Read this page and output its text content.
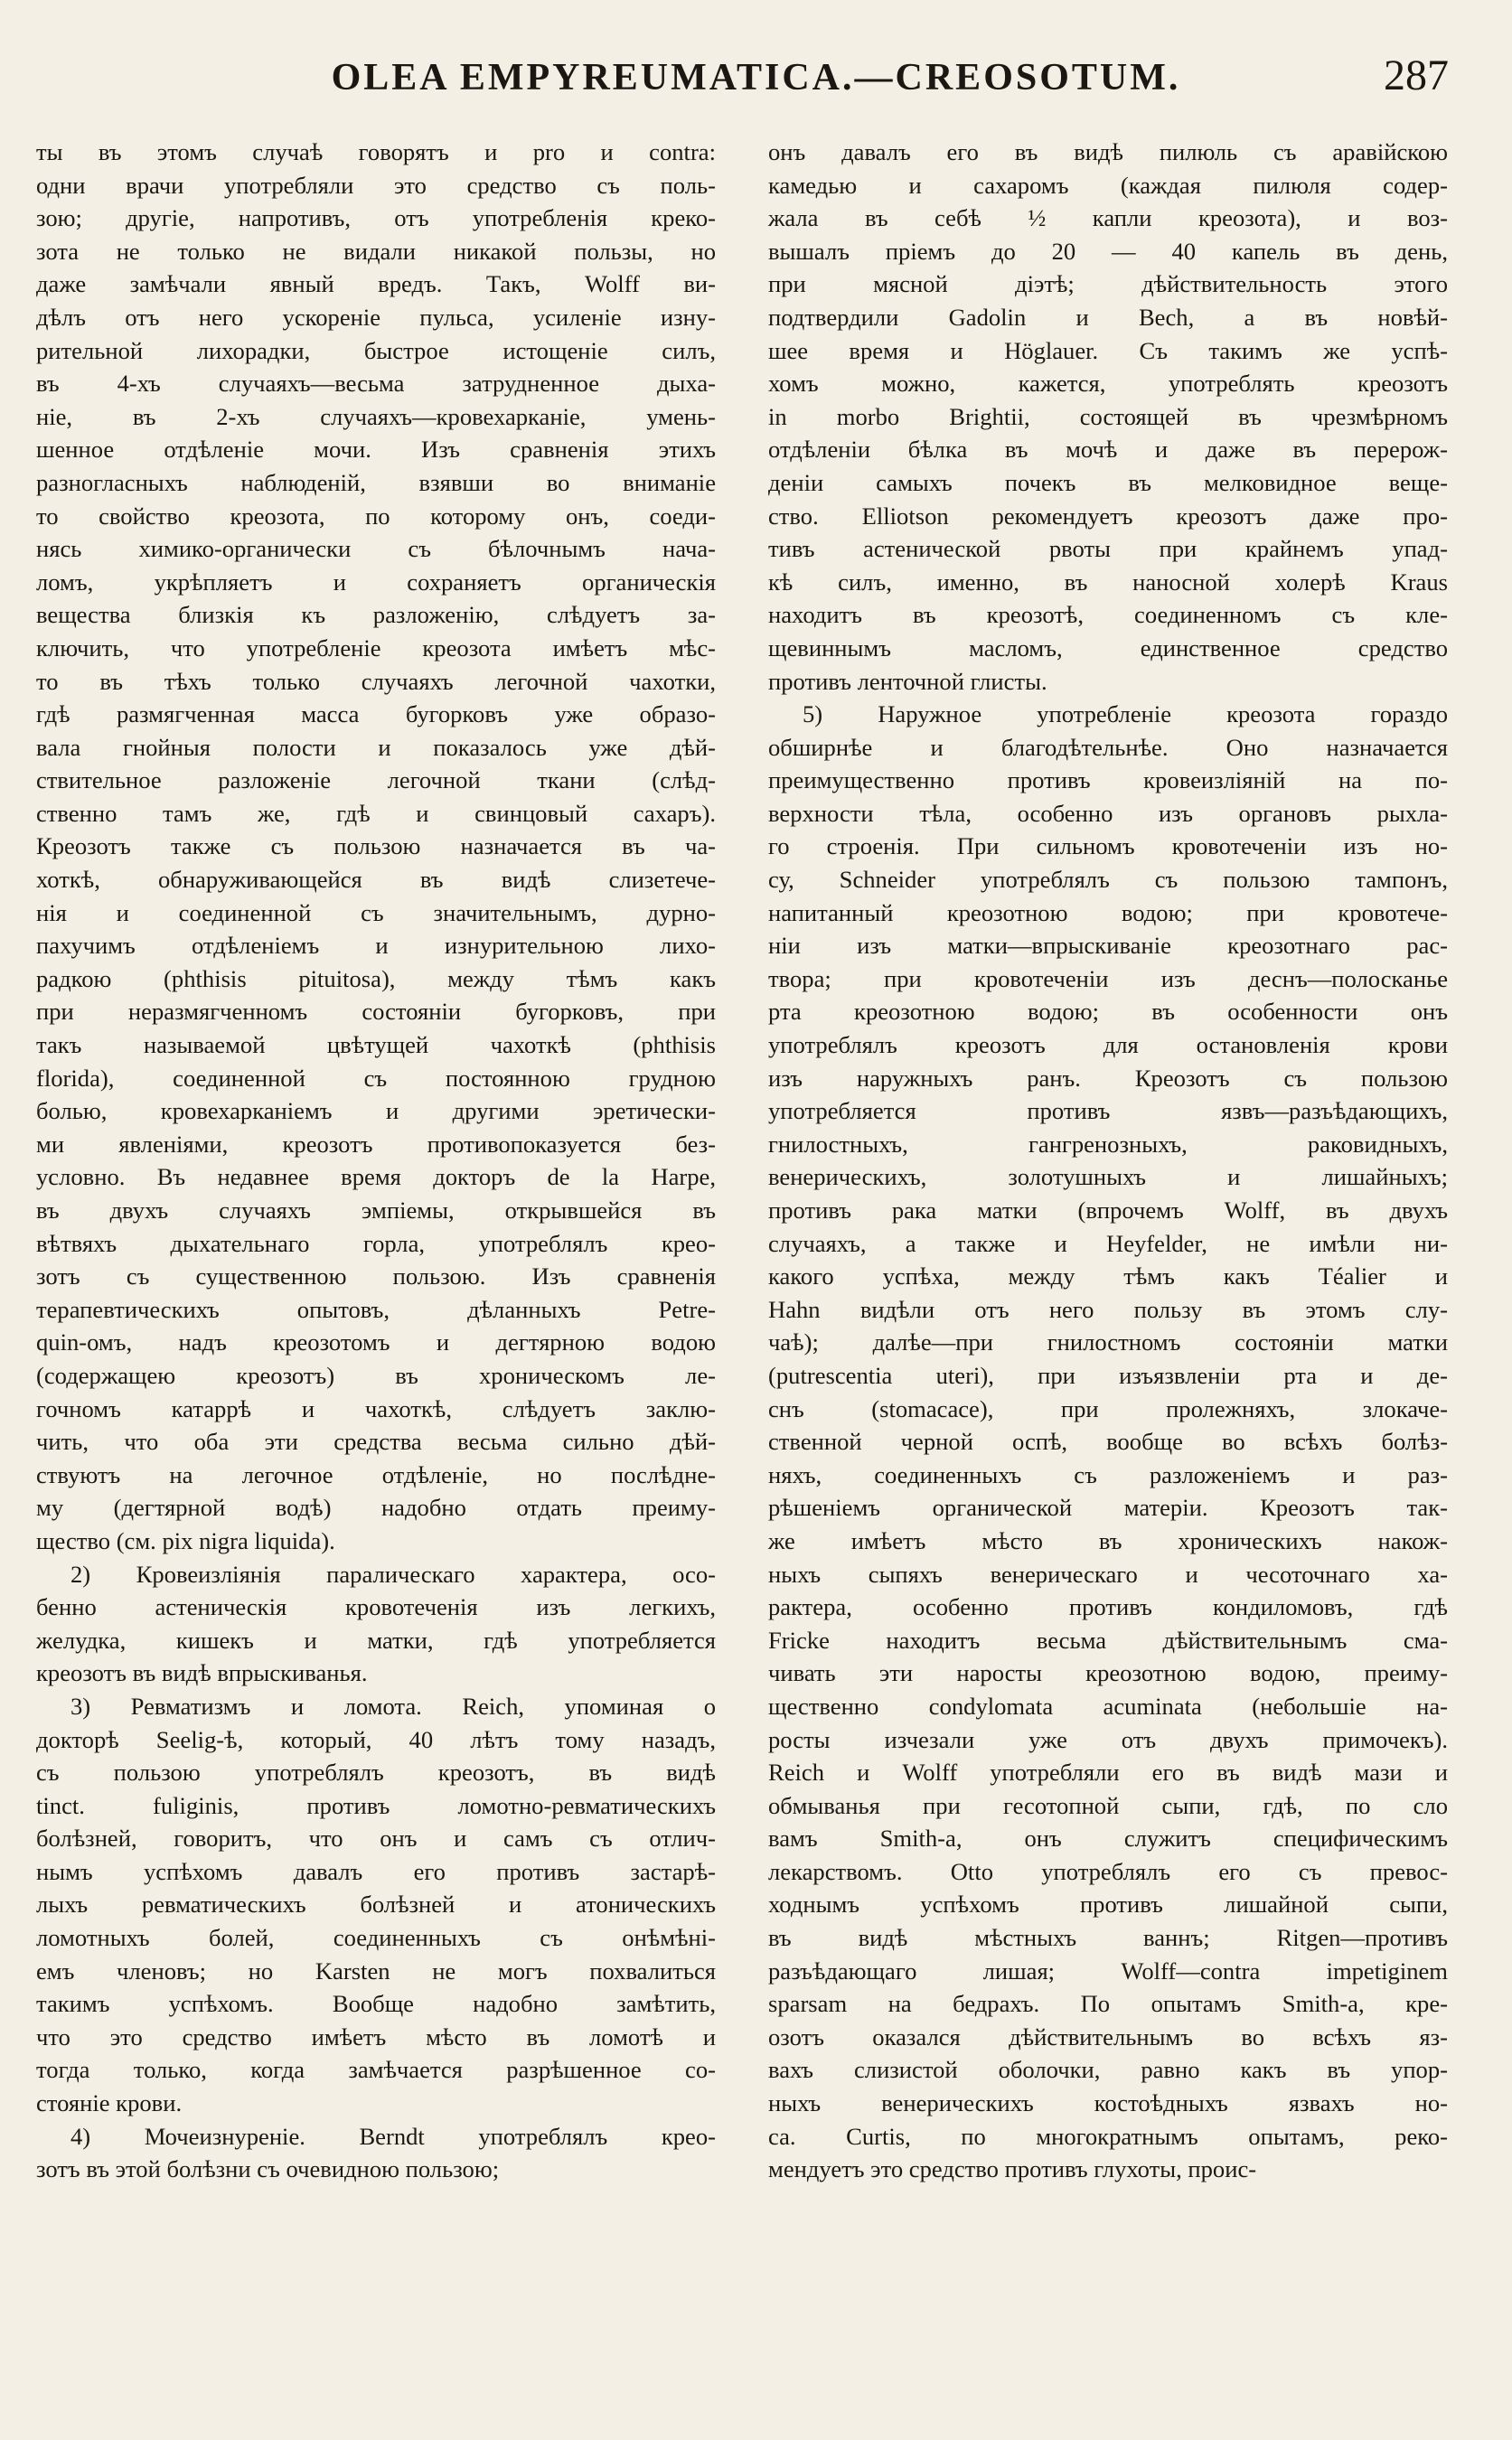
OLEA EMPYREUMATICA.—CREOSOTUM.	287
ты въ этомъ случаѣ говорятъ и pro и contra:
одни врачи употребляли это средство съ поль-
зою; другіе, напротивъ, отъ употребленія креко-
зота не только не видали никакой пользы, но
даже замѣчали явный вредъ. Такъ, Wolff ви-
дѣлъ отъ него ускореніе пульса, усиленіе изну-
рительной лихорадки, быстрое истощеніе силъ,
въ 4-хъ случаяхъ—весьма затрудненное дыха-
ніе, въ 2-хъ случаяхъ—кровехарканіе, умень-
шенное отдѣленіе мочи. Изъ сравненія этихъ
разногласныхъ наблюденій, взявши во вниманіе
то свойство креозота, по которому онъ, соеди-
нясь химико-органически съ бѣлочнымъ нача-
ломъ, укрѣпляетъ и сохраняетъ органическія
вещества близкія къ разложенію, слѣдуетъ за-
ключить, что употребленіе креозота имѣетъ мѣс-
то въ тѣхъ только случаяхъ легочной чахотки,
гдѣ размягченная масса бугорковъ уже образо-
вала гнойныя полости и показалось уже дѣй-
ствительное разложеніе легочной ткани (слѣд-
ственно тамъ же, гдѣ и свинцовый сахаръ).
Креозотъ также съ пользою назначается въ ча-
хоткѣ, обнаруживающейся въ видѣ слизетече-
нія и соединенной съ значительнымъ, дурно-
пахучимъ отдѣленіемъ и изнурительною лихо-
радкою (phthisis pituitosa), между тѣмъ какъ
при неразмягченномъ состояніи бугорковъ, при
такъ называемой цвѣтущей чахоткѣ (phthisis
florida), соединенной съ постоянною грудною
болью, кровехарканіемъ и другими эретически-
ми явленіями, креозотъ противопоказуется без-
условно. Въ недавнее время докторъ de la Harpe,
въ двухъ случаяхъ эмпіемы, открывшейся въ
вѣтвяхъ дыхательнаго горла, употреблялъ крео-
зотъ съ существенною пользою. Изъ сравненія
терапевтическихъ опытовъ, дѣланныхъ Petre-
quin-омъ, надъ креозотомъ и дегтярною водою
(содержащею креозотъ) въ хроническомъ ле-
гочномъ катаррѣ и чахоткѣ, слѣдуетъ заклю-
чить, что оба эти средства весьма сильно дѣй-
ствуютъ на легочное отдѣленіе, но послѣдне-
му (дегтярной водѣ) надобно отдать преиму-
щество (см. pix nigra liquida).
2) Кровеизліянія паралическаго характера, осо-
бенно астеническія кровотеченія изъ легкихъ,
желудка, кишекъ и матки, гдѣ употребляется
креозотъ въ видѣ впрыскиванья.
3) Ревматизмъ и ломота. Reich, упоминая о
докторѣ Seelig-ѣ, который, 40 лѣтъ тому назадъ,
съ пользою употреблялъ креозотъ, въ видѣ
tinct. fuliginis, противъ ломотно-ревматическихъ
болѣзней, говоритъ, что онъ и самъ съ отлич-
нымъ успѣхомъ давалъ его противъ застарѣ-
лыхъ ревматическихъ болѣзней и атоническихъ
ломотныхъ болей, соединенныхъ съ онѣмѣні-
емъ членовъ; но Karsten не могъ похвалиться
такимъ успѣхомъ. Вообще надобно замѣтить,
что это средство имѣетъ мѣсто въ ломотѣ и
тогда только, когда замѣчается разрѣшенное со-
стояніе крови.
4) Мочеизнуреніе. Berndt употреблялъ крео-
зотъ въ этой болѣзни съ очевидною пользою;
онъ давалъ его въ видѣ пилюль съ аравійскою
камедью и сахаромъ (каждая пилюля содер-
жала въ себѣ ½ капли креозота), и воз-
вышалъ пріемъ до 20 — 40 капель въ день,
при мясной діэтѣ; дѣйствительность этого
подтвердили Gadolin и Bech, а въ новѣй-
шее время и Höglauer. Съ такимъ же успѣ-
хомъ можно, кажется, употреблять креозотъ
in morbo Brightii, состоящей въ чрезмѣрномъ
отдѣленіи бѣлка въ мочѣ и даже въ перерож-
деніи самыхъ почекъ въ мелковидное веще-
ство. Elliotson рекомендуетъ креозотъ даже про-
тивъ астенической рвоты при крайнемъ упад-
кѣ силъ, именно, въ наносной холерѣ Kraus
находитъ въ креозотѣ, соединенномъ съ кле-
щевиннымъ масломъ, единственное средство
противъ ленточной глисты.
5) Наружное употребленіе креозота гораздо
обширнѣе и благодѣтельнѣе. Оно назначается
преимущественно противъ кровеизліяній на по-
верхности тѣла, особенно изъ органовъ рыхла-
го строенія. При сильномъ кровотеченіи изъ но-
су, Schneider употреблялъ съ пользою тампонъ,
напитанный креозотною водою; при кровотече-
ніи изъ матки—впрыскиваніе креозотнаго рас-
твора; при кровотеченіи изъ деснъ—полосканье
рта креозотною водою; въ особенности онъ
употреблялъ креозотъ для остановленія крови
изъ наружныхъ ранъ. Креозотъ съ пользою
употребляется противъ язвъ—разъѣдающихъ,
гнилостныхъ, гангренозныхъ, раковидныхъ,
венерическихъ, золотушныхъ и лишайныхъ;
противъ рака матки (впрочемъ Wolff, въ двухъ
случаяхъ, а также и Heyfelder, не имѣли ни-
какого успѣха, между тѣмъ какъ Téalier и
Hahn видѣли отъ него пользу въ этомъ слу-
чаѣ); далѣе—при гнилостномъ состояніи матки
(putrescentia uteri), при изъязвленіи рта и де-
снъ (stomacace), при пролежняхъ, злокаче-
ственной черной оспѣ, вообще во всѣхъ болѣз-
няхъ, соединенныхъ съ разложеніемъ и раз-
рѣшеніемъ органической матеріи. Креозотъ так-
же имѣетъ мѣсто въ хроническихъ накож-
ныхъ сыпяхъ венерическаго и чесоточнаго ха-
рактера, особенно противъ кондиломовъ, гдѣ
Fricke находитъ весьма дѣйствительнымъ сма-
чивать эти наросты креозотною водою, преиму-
щественно condylomata acuminata (небольшіе на-
росты изчезали уже отъ двухъ примочекъ).
Reich и Wolff употребляли его въ видѣ мази и
обмыванья при гесотопной сыпи, гдѣ, по сло
вамъ Smith-а, онъ служитъ специфическимъ
лекарствомъ. Otto употреблялъ его съ превос-
ходнымъ успѣхомъ противъ лишайной сыпи,
въ видѣ мѣстныхъ ваннъ; Ritgen—противъ
разъѣдающаго лишая; Wolff—contra impetiginem
sparsam на бедрахъ. По опытамъ Smith-а, кре-
озотъ оказался дѣйствительнымъ во всѣхъ яз-
вахъ слизистой оболочки, равно какъ въ упор-
ныхъ венерическихъ костоѣдныхъ язвахъ но-
са. Curtis, по многократнымъ опытамъ, реко-
мендуетъ это средство противъ глухоты, проис-
